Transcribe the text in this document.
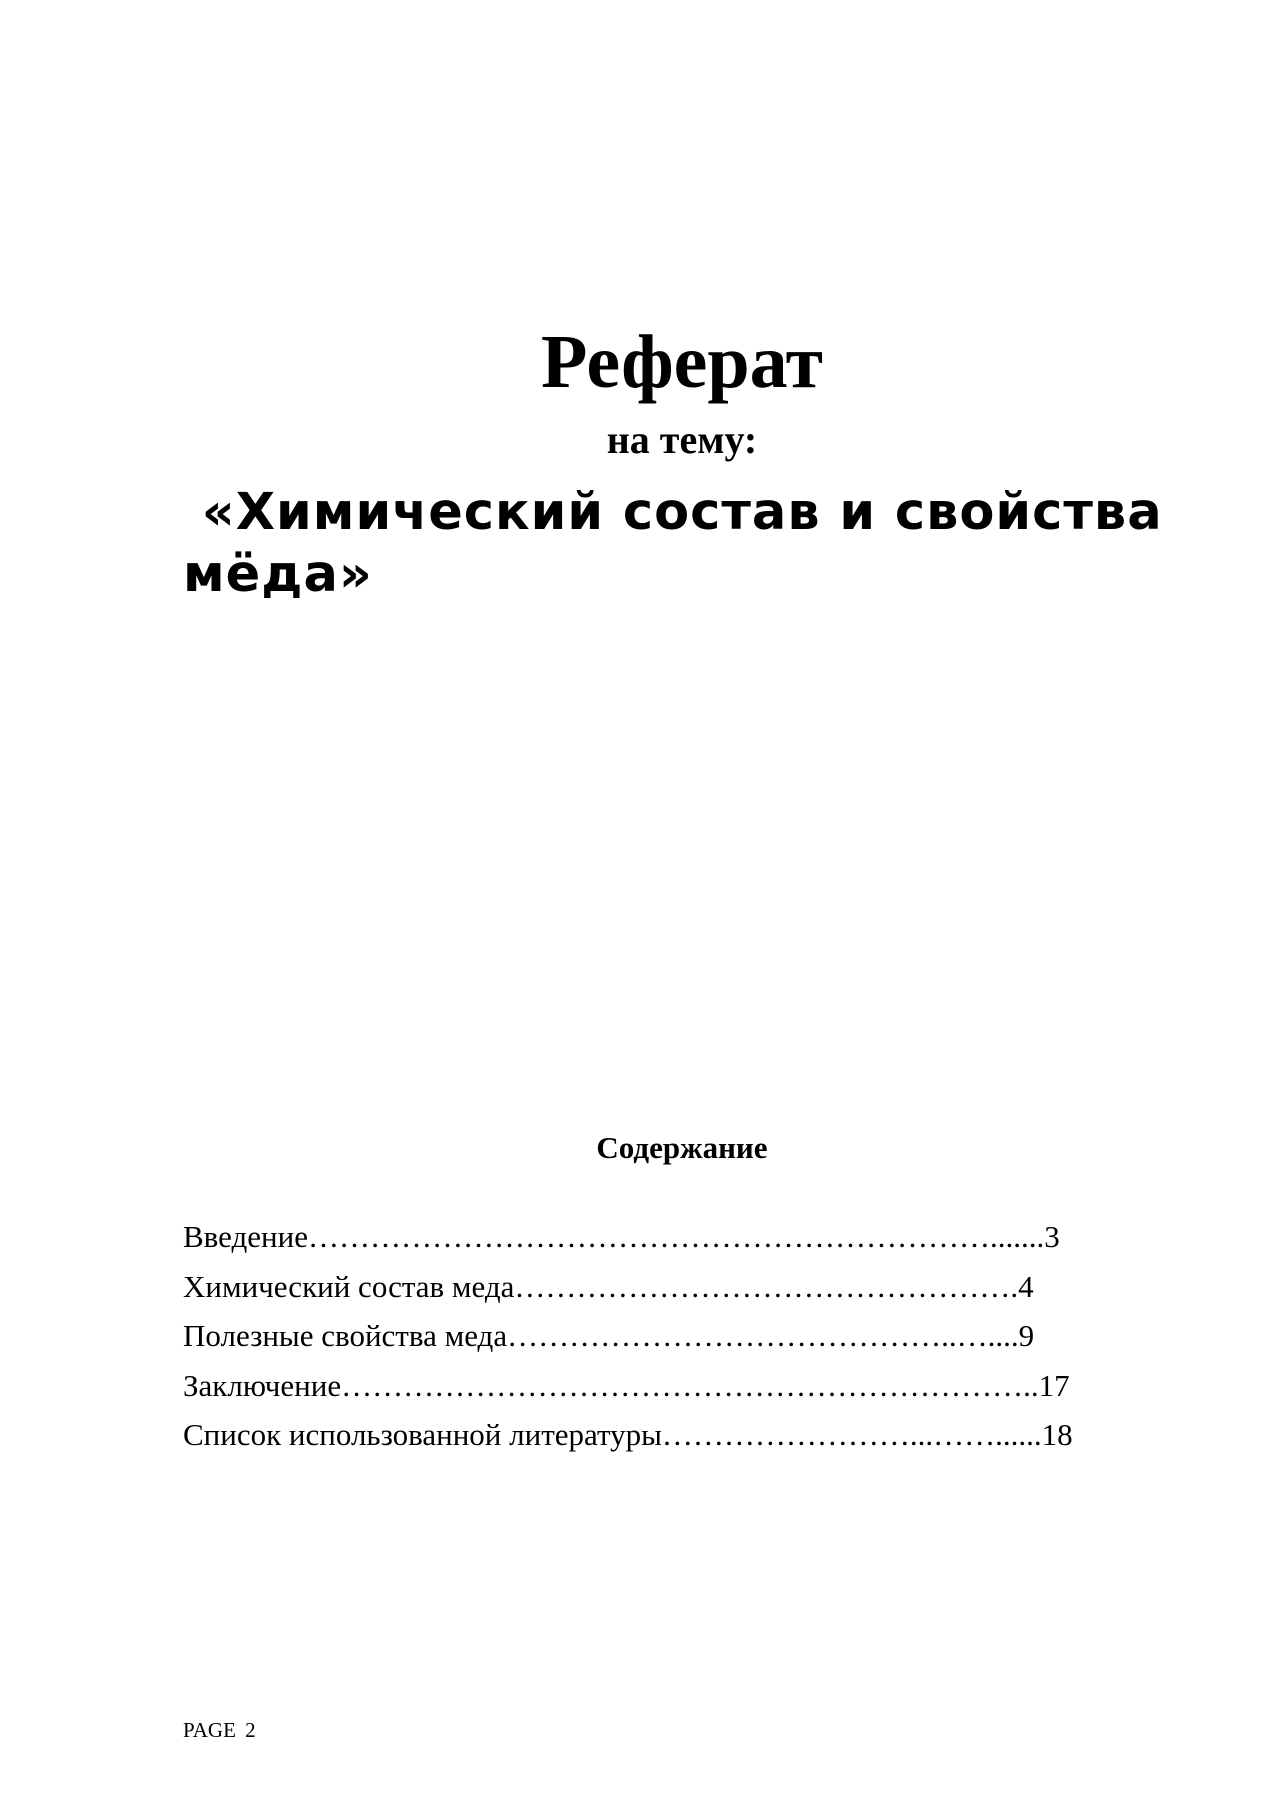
Реферат
на тему:
«Химический состав и свойства мёда»
Содержание
Введение………………………………………………………….......3
Химический состав меда………………………………………….4
Полезные свойства меда……………………………………..…....9
Заключение…………………………………………………………..17
Список использованной литературы……………………...……......18
PAGE 2
